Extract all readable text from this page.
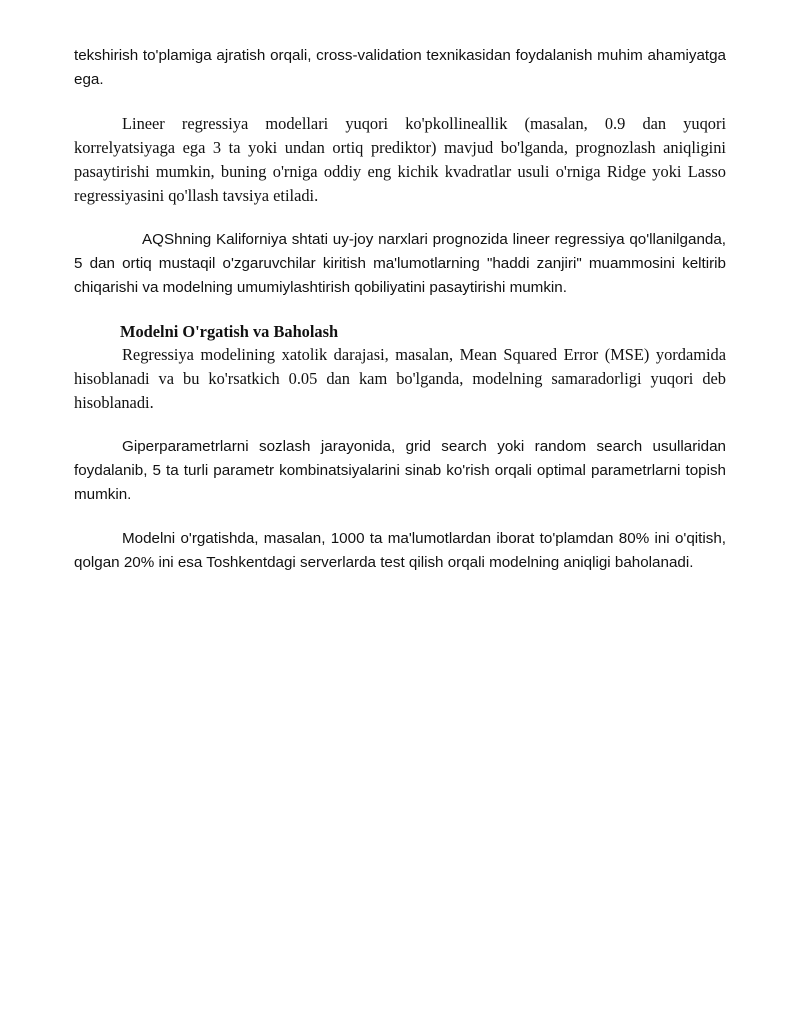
tekshirish to'plamiga ajratish orqali, cross-validation texnikasidan foydalanish muhim ahamiyatga ega.

Lineer regressiya modellari yuqori ko'pkollineallik (masalan, 0.9 dan yuqori korrelyatsiyaga ega 3 ta yoki undan ortiq prediktor) mavjud bo'lganda, prognozlash aniqligini pasaytirishi mumkin, buning o'rniga oddiy eng kichik kvadratlar usuli o'rniga Ridge yoki Lasso regressiyasini qo'llash tavsiya etiladi.

AQShning Kaliforniya shtati uy-joy narxlari prognozida lineer regressiya qo'llanilganda, 5 dan ortiq mustaqil o'zgaruvchilar kiritish ma'lumotlarning "haddi zanjiri" muammosini keltirib chiqarishi va modelning umumiylashtirish qobiliyatini pasaytirishi mumkin.

Modelni O'rgatish va Baholash

Regressiya modelining xatolik darajasi, masalan, Mean Squared Error (MSE) yordamida hisoblanadi va bu ko'rsatkich 0.05 dan kam bo'lganda, modelning samaradorligi yuqori deb hisoblanadi.

Giperparametrlarni sozlash jarayonida, grid search yoki random search usullaridan foydalanib, 5 ta turli parametr kombinatsiyalarini sinab ko'rish orqali optimal parametrlarni topish mumkin.

Modelni o'rgatishda, masalan, 1000 ta ma'lumotlardan iborat to'plamdan 80% ini o'qitish, qolgan 20% ini esa Toshkentdagi serverlarda test qilish orqali modelning aniqligi baholanadi.
